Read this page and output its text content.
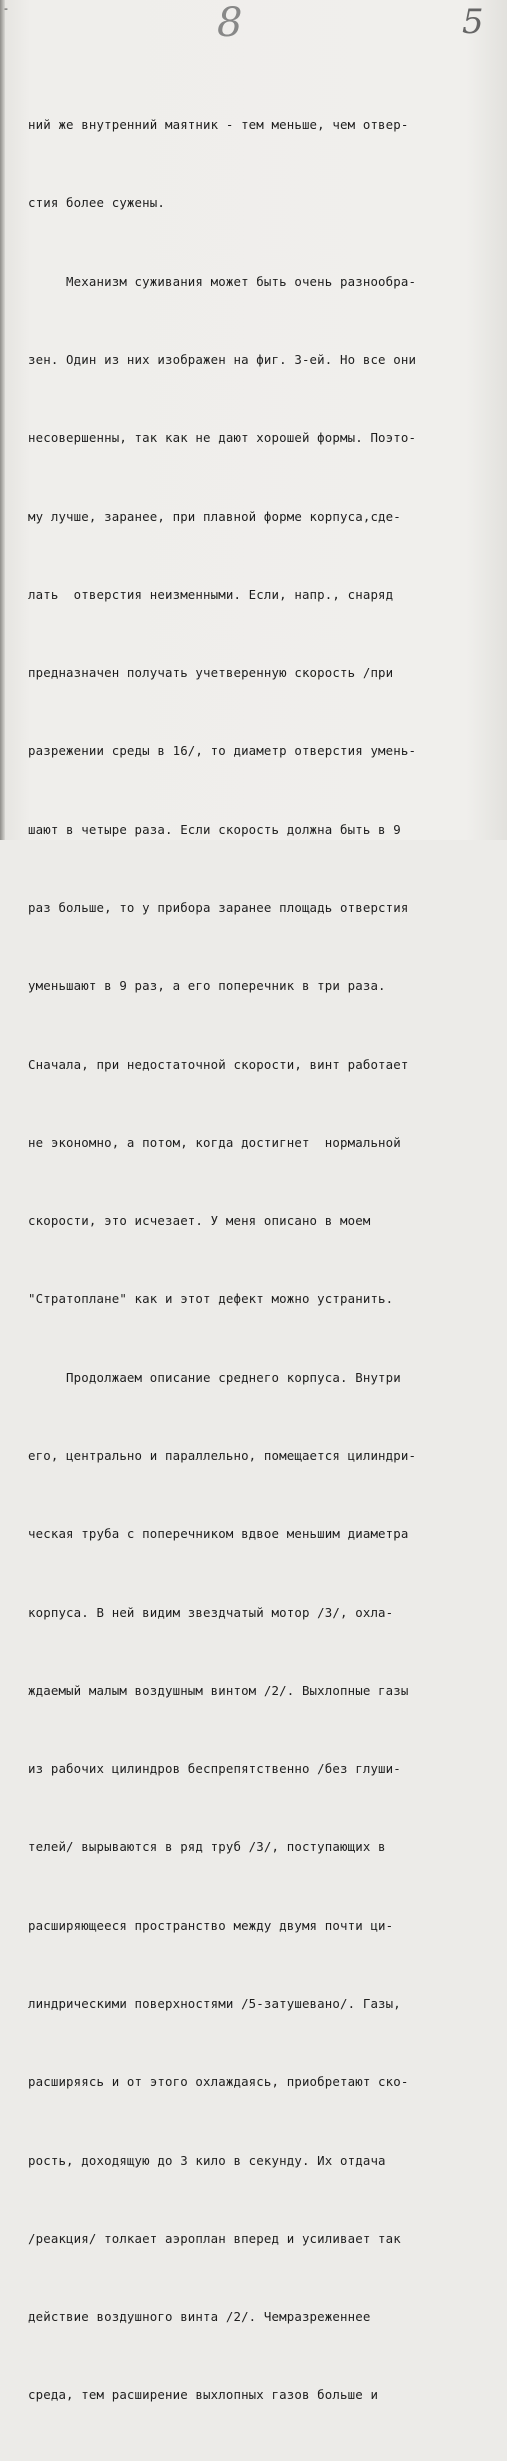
-	8	5

ний же внутренний маятник - тем меньше, чем отвер-

стия более сужены.

Механизм суживания может быть очень разнообра-

зен. Один из них изображен на фиг. 3-ей. Но все они

несовершенны, так как не дают хорошей формы. Поэто-

му лучше, заранее, при плавной форме корпуса,сде-

лать  отверстия неизменными. Если, напр., снаряд

предназначен получать учетверенную скорость /при

разрежении среды в 16/, то диаметр отверстия умень-

шают в четыре раза. Если скорость должна быть в 9

раз больше, то у прибора заранее площадь отверстия

уменьшают в 9 раз, а его поперечник в три раза.

Сначала, при недостаточной скорости, винт работает

не экономно, а потом, когда достигнет  нормальной

скорости, это исчезает. У меня описано в моем

"Стратоплане" как и этот дефект можно устранить.

Продолжаем описание среднего корпуса. Внутри

его, центрально и параллельно, помещается цилиндри-

ческая труба с поперечником вдвое меньшим диаметра

корпуса. В ней видим звездчатый мотор /3/, охла-

ждаемый малым воздушным винтом /2/. Выхлопные газы

из рабочих цилиндров беспрепятственно /без глуши-

телей/ вырываются в ряд труб /3/, поступающих в

расширяющееся пространство между двумя почти ци-

линдрическими поверхностями /5-затушевано/. Газы,

расширяясь и от этого охлаждаясь, приобретают ско-

рость, доходящую до 3 кило в секунду. Их отдача

/реакция/ толкает аэроплан вперед и усиливает так

действие воздушного винта /2/. Чемразреженнее

среда, тем расширение выхлопных газов больше и
